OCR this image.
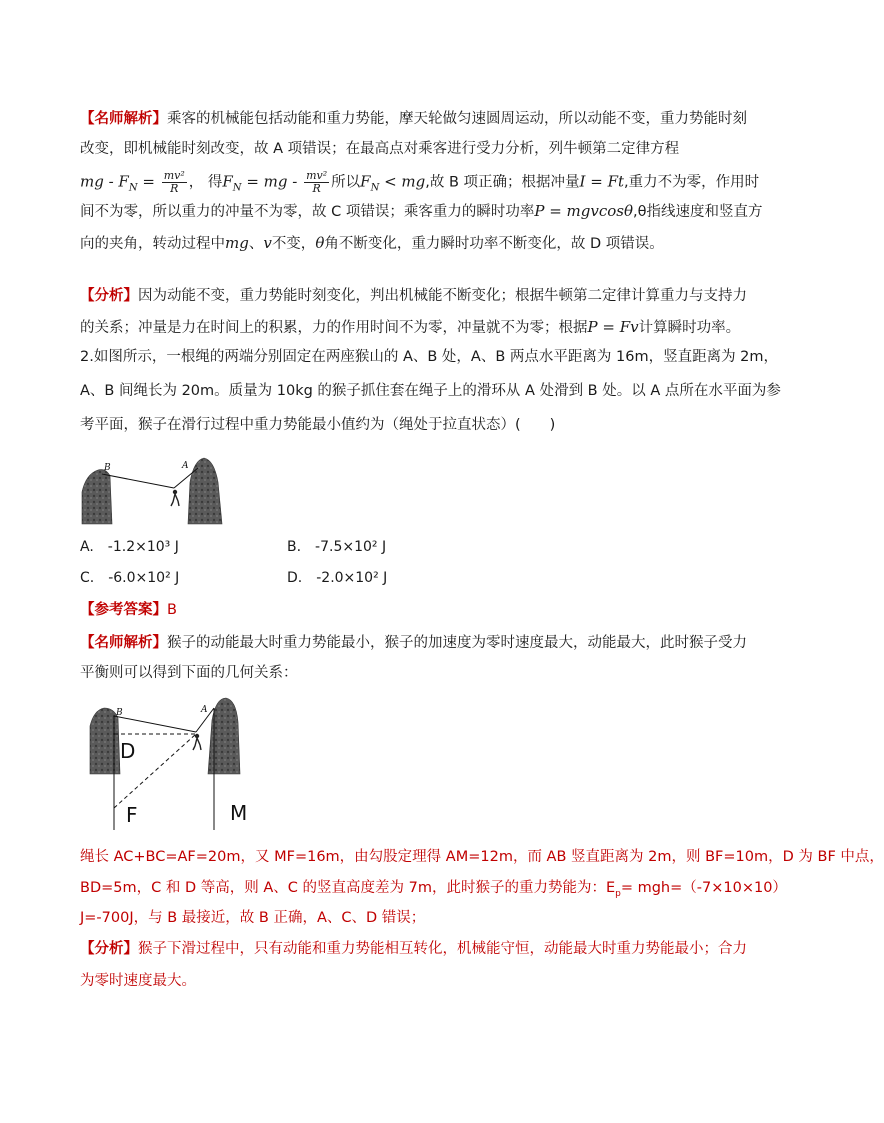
【名师解析】乘客的机械能包括动能和重力势能，摩天轮做匀速圆周运动，所以动能不变，重力势能时刻
改变，即机械能时刻改变，故 A 项错误；在最高点对乘客进行受力分析，列牛顿第二定律方程
mg - $F_N = \frac{\text{mv²}}{R}$ ， 得$F_N$ = mg - $\frac{\text{mv²}}{R}$ 所以$F_N$ < mg,故 B 项正确；根据冲量I = Ft,重力不为零，作用时
间不为零，所以重力的冲量不为零，故 C 项错误；乘客重力的瞬时功率P = mgvcosθ,θ指线速度和竖直方
向的夹角，转动过程中mg、v不变，θ角不断变化，重力瞬时功率不断变化，故 D 项错误。
【分析】因为动能不变，重力势能时刻变化，判出机械能不断变化；根据牛顿第二定律计算重力与支持力
的关系；冲量是力在时间上的积累，力的作用时间不为零，冲量就不为零；根据P = Fv计算瞬时功率。
2.如图所示，一根绳的两端分别固定在两座猴山的 A、B 处，A、B 两点水平距离为 16m，竖直距离为 2m，
A、B 间绳长为 20m。质量为 10kg 的猴子抓住套在绳子上的滑环从 A 处滑到 B 处。以 A 点所在水平面为参
考平面，猴子在滑行过程中重力势能最小值约为（绳处于拉直状态）(　　)
B	A
A.　-1.2×10³ J	B.　-7.5×10² J
C.　-6.0×10² J	D.　-2.0×10² J
【参考答案】B
【名师解析】猴子的动能最大时重力势能最小，猴子的加速度为零时速度最大，动能最大，此时猴子受力
平衡则可以得到下面的几何关系：
B	A
D
F	M
绳长 AC+BC=AF=20m，又 MF=16m，由勾股定理得 AM=12m，而 AB 竖直距离为 2m，则 BF=10m，D 为 BF 中点，
BD=5m，C 和 D 等高，则 A、C 的竖直高度差为 7m，此时猴子的重力势能为：$E_p= mgh=(-7\times 10\times 10)$
J=-700J，与 B 最接近，故 B 正确，A、C、D 错误；
【分析】猴子下滑过程中，只有动能和重力势能相互转化，机械能守恒，动能最大时重力势能最小；合力
为零时速度最大。
